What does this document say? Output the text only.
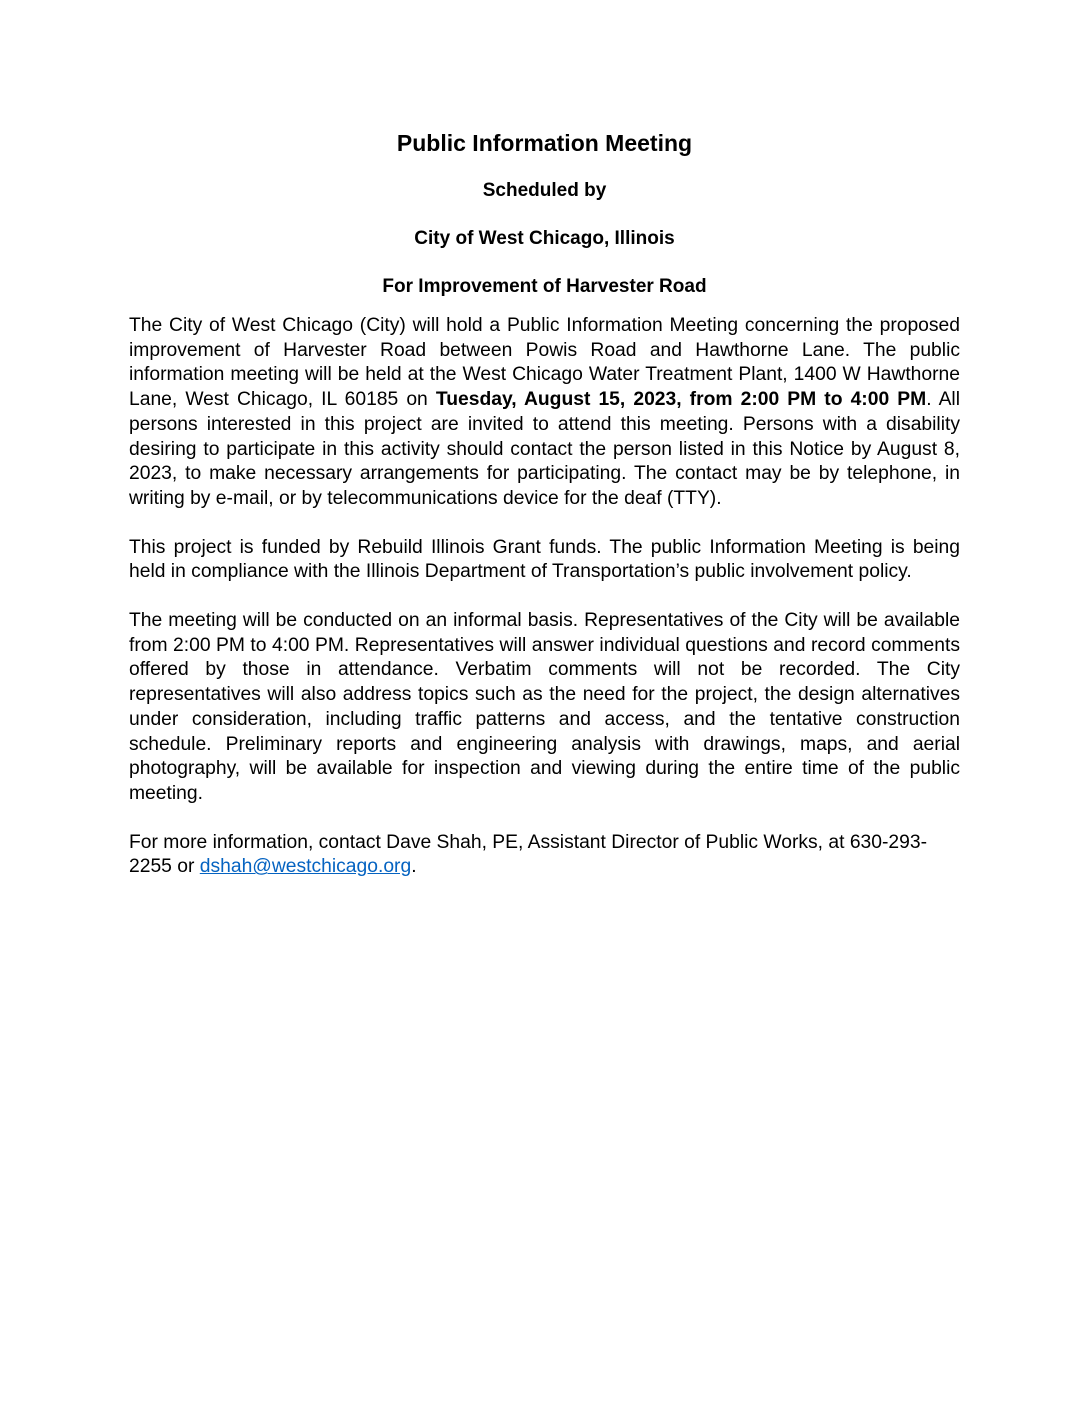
Public Information Meeting
Scheduled by
City of West Chicago, Illinois
For Improvement of Harvester Road

The City of West Chicago (City) will hold a Public Information Meeting concerning the proposed improvement of Harvester Road between Powis Road and Hawthorne Lane. The public information meeting will be held at the West Chicago Water Treatment Plant, 1400 W Hawthorne Lane, West Chicago, IL 60185 on Tuesday, August 15, 2023, from 2:00 PM to 4:00 PM. All persons interested in this project are invited to attend this meeting. Persons with a disability desiring to participate in this activity should contact the person listed in this Notice by August 8, 2023, to make necessary arrangements for participating. The contact may be by telephone, in writing by e-mail, or by telecommunications device for the deaf (TTY).

This project is funded by Rebuild Illinois Grant funds. The public Information Meeting is being held in compliance with the Illinois Department of Transportation’s public involvement policy.

The meeting will be conducted on an informal basis. Representatives of the City will be available from 2:00 PM to 4:00 PM. Representatives will answer individual questions and record comments offered by those in attendance. Verbatim comments will not be recorded. The City representatives will also address topics such as the need for the project, the design alternatives under consideration, including traffic patterns and access, and the tentative construction schedule. Preliminary reports and engineering analysis with drawings, maps, and aerial photography, will be available for inspection and viewing during the entire time of the public meeting.

For more information, contact Dave Shah, PE, Assistant Director of Public Works, at 630-293-2255 or dshah@westchicago.org.
